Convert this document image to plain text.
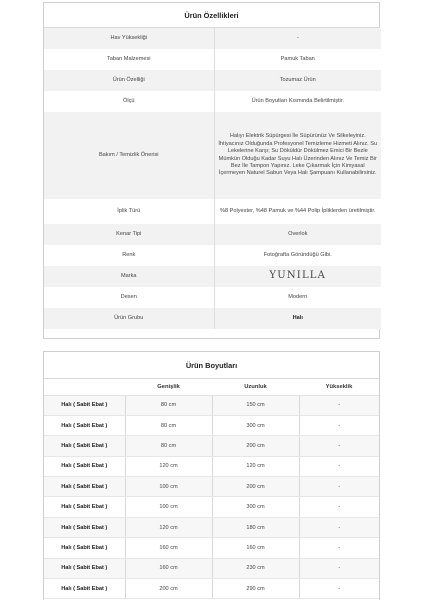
Ürün Özellikleri
Hav Yüksekliği	-
Taban Malzemesi	Pamuk Taban
Ürün Özelliği	Tozumaz Ürün
Ölçü	Ürün Boyutları Kısmında Belirtilmiştir.
Bakım / Temizlik Önerisi	Halıyı Elektrik Süpürgesi İle Süpürünüz Ve Silkeleyiniz. İhtiyacınız Olduğunda Profesyonel Temizleme Hizmeti Alınız. Su Lekelerine Karşı; Su Döküldür Dökülmez Emici Bir Bezle Mümkün Olduğu Kadar Suyu Halı Üzerinden Alınız Ve Temiz Bir Bez İle Tampon Yapınız. Leke Çıkarmak İçin Kimyasal İçermeyen Naturel Sabun Veya Halı Şampuanı Kullanabilirsiniz.
İplik Türü	%8 Polyester, %48 Pamuk ve %44 Polip İpliklerden üretilmiştir.
Kenar Tipi	Overlok
Renk	Fotoğrafta Göründüğü Gibi.
Marka	YUNILLA
Desen	Modern
Ürün Grubu	Halı
Ürün Boyutları
	Genişlik	Uzunluk	Yükseklik
Halı ( Sabit Ebat )	80 cm	150 cm	-
Halı ( Sabit Ebat )	80 cm	300 cm	-
Halı ( Sabit Ebat )	80 cm	200 cm	-
Halı ( Sabit Ebat )	120 cm	120 cm	-
Halı ( Sabit Ebat )	100 cm	200 cm	-
Halı ( Sabit Ebat )	100 cm	300 cm	-
Halı ( Sabit Ebat )	120 cm	180 cm	-
Halı ( Sabit Ebat )	160 cm	160 cm	-
Halı ( Sabit Ebat )	160 cm	230 cm	-
Halı ( Sabit Ebat )	200 cm	290 cm	-
